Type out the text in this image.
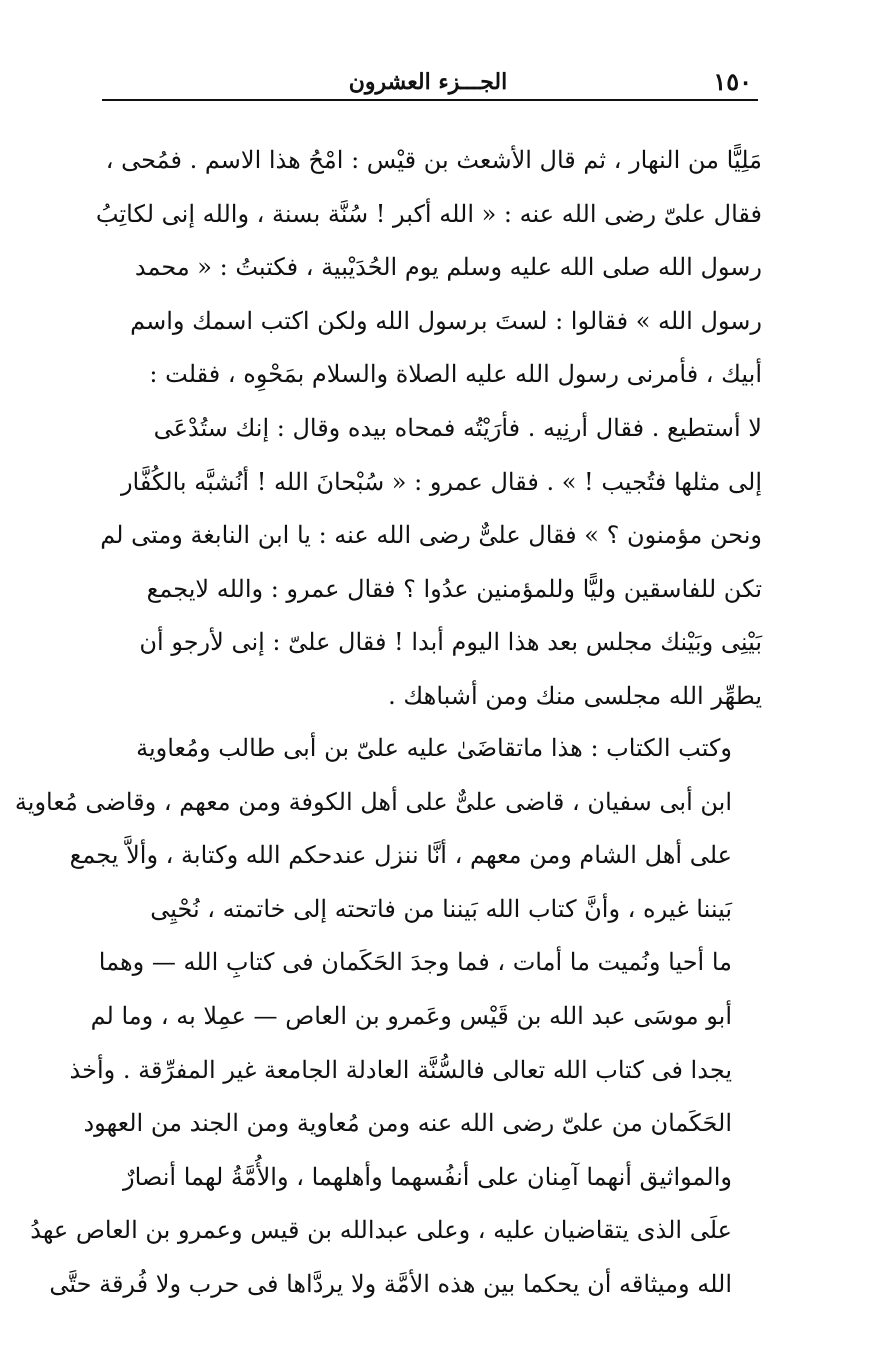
١٥٠
الجـــزء العشرون
مَلِيًّا من النهار ، ثم قال الأشعث بن قيْس : امْحُ هذا الاسم . فمُحى ،
فقال علىّ رضى الله عنه : « الله أكبر ! سُنَّة بسنة ، والله إنى لكاتِبُ
رسول الله صلى الله عليه وسلم يوم الحُدَيْبية ، فكتبتُ : « محمد
رسول الله » فقالوا : لستَ برسول الله ولكن اكتب اسمك واسم
أبيك ، فأمرنى رسول الله عليه الصلاة والسلام بمَحْوِه ، فقلت :
لا أستطيع . فقال أرنِيه . فأرَيْتُه فمحاه بيده وقال : إنك ستُدْعَى
إلى مثلها فتُجيب ! » . فقال عمرو : « سُبْحانَ الله ! أنُشبَّه بالكُفَّار
ونحن مؤمنون ؟ » فقال علىٌّ رضى الله عنه : يا ابن النابغة ومتى لم
تكن للفاسقين وليًّا وللمؤمنين عدُوا ؟ فقال عمرو : والله لايجمع
بَيْنِى وبَيْنك مجلس بعد هذا اليوم أبدا ! فقال علىّ : إنى لأرجو أن
يطهِّر الله مجلسى منك ومن أشباهك .
وكتب الكتاب : هذا ماتقاضَىٰ عليه علىّ بن أبى طالب ومُعاوية
ابن أبى سفيان ، قاضى علىٌّ على أهل الكوفة ومن معهم ، وقاضى مُعاوية
على أهل الشام ومن معهم ، أنَّا ننزل عندحكم الله وكتابة ، وألاَّ يجمع
بَيننا غيره ، وأنَّ كتاب الله بَيننا من فاتحته إلى خاتمته ، نُحْيِى
ما أحيا ونُميت ما أمات ، فما وجدَ الحَكَمان فى كتابِ الله — وهما
أبو موسَى عبد الله بن قَيْس وعَمرو بن العاص — عمِلا به ، وما لم
يجدا فى كتاب الله تعالى فالسُّنَّة العادلة الجامعة غير المفرِّقة . وأخذ
الحَكَمان من علىّ رضى الله عنه ومن مُعاوية ومن الجند من العهود
والمواثيق أنهما آمِنان على أنفُسهما وأهلهما ، والأُمَّةُ لهما أنصارٌ
علَى الذى يتقاضيان عليه ، وعلى عبدالله بن قيس وعمرو بن العاص عهدُ
الله وميثاقه أن يحكما بين هذه الأمَّة ولا يردَّاها فى حرب ولا فُرقة حتَّى
